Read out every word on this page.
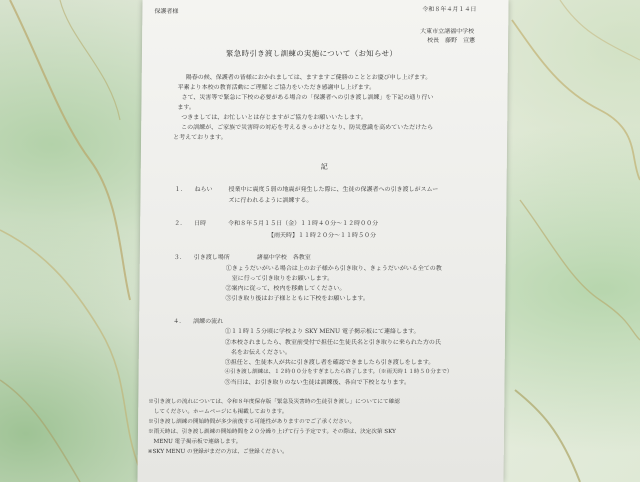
保護者様	令和８年４月１４日
大東市立諸福中学校
校長　藤野　宣憲
緊急時引き渡し訓練の実施について（お知らせ）
陽春の候、保護者の皆様におかれましては、ますますご健勝のこととお慶び申し上げます。
平素より本校の教育活動にご理解とご協力をいただき感謝申し上げます。
さて、災害等で緊急に下校の必要がある場合の「保護者への引き渡し訓練」を下記の通り行い
ます。
つきましては、お忙しいとは存じますがご協力をお願いいたします。
この訓練が、ご家族で災害時の対応を考えるきっかけとなり、防災意識を高めていただけたら
と考えております。
記
１． ねらい	授業中に震度５弱の地震が発生した際に、生徒の保護者への引き渡しがスムー
ズに行われるように訓練する。
２． 日時	令和８年５月１５日（金）１１時４０分～１２時００分
【雨天時】１１時２０分～１１時５０分
３． 引き渡し場所	諸福中学校　各教室
①きょうだいがいる場合は上のお子様から引き取り、きょうだいがいる全ての教
　室に行って引き取りをお願いします。
②案内に従って、校内を移動してください。
③引き取り後はお子様とともに下校をお願いします。
４． 訓練の流れ
①１１時１５分頃に学校より SKY MENU 電子掲示板にて連絡します。
②本校されましたら、教室前受付で担任に生徒氏名と引き取りに来られた方の氏
　名をお伝えください。
③担任と、生徒本人が共に引き渡し者を確認できましたら引き渡しをします。
④引き渡し訓練は、１２時００分をすぎましたら終了します。（※雨天時１１時５０分まで）
⑤当日は、お引き取りのない生徒は訓練後、各自で下校となります。
※引き渡しの流れについては、令和８年度保存版「緊急及災害時の生徒引き渡し」についてにて確認
　してください。ホームページにも掲載しております。
※引き渡し訓練の開始時間が多少前後する可能性がありますのでご了承ください。
※雨天時は、引き渡し訓練の開始時間を２０分繰り上げて行う予定です。その際は、決定次第 SKY
　MENU 電子掲示板で連絡します。
※SKY MENU の登録がまだの方は、ご登録ください。
